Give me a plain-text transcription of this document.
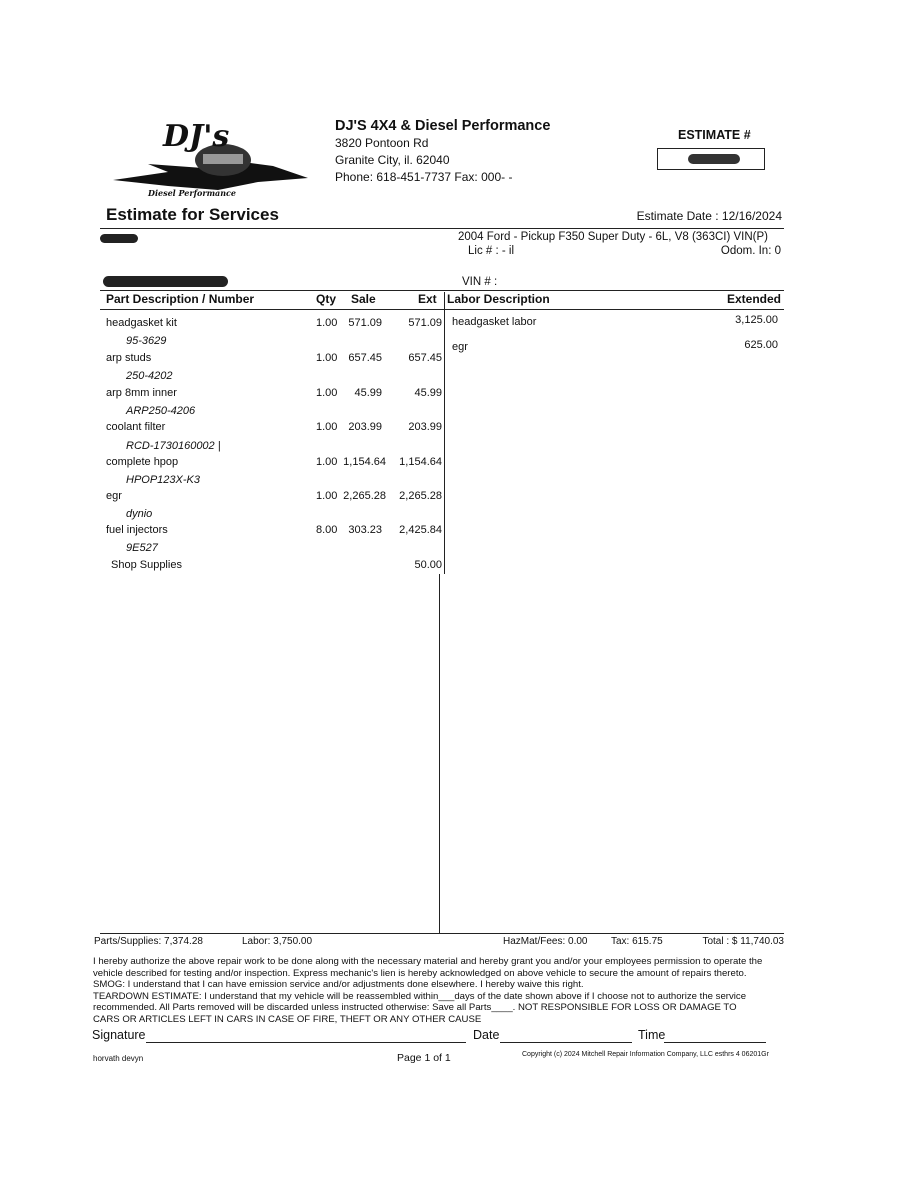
DJ's
Diesel Performance
DJ'S 4X4 & Diesel Performance
3820 Pontoon Rd
Granite City, il. 62040
Phone: 618-451-7737 Fax: 000- -
ESTIMATE #
Estimate for Services	Estimate Date : 12/16/2024
2004 Ford - Pickup F350 Super Duty - 6L, V8 (363CI) VIN(P)
Lic # : - il	Odom. In: 0
VIN # :
Part Description / Number	Qty Sale	Ext Labor Description	Extended
headgasket kit	1.00 571.09 571.09
95-3629
arp studs	1.00 657.45 657.45
250-4202
arp 8mm inner	1.00 45.99	45.99
ARP250-4206
coolant filter	1.00 203.99 203.99
RCD-1730160002 |
complete hpop	1.00 1,154.64 1,154.64
HPOP123X-K3
egr	1.00 2,265.28 2,265.28
dynio
fuel injectors	8.00 303.23 2,425.84
9E527
Shop Supplies	50.00
headgasket labor	3,125.00
egr	625.00
Parts/Supplies: 7,374.28	Labor: 3,750.00	HazMat/Fees: 0.00 Tax: 615.75	Total : $ 11,740.03
I hereby authorize the above repair work to be done along with the necessary material and hereby grant you and/or your employees permission to operate the
vehicle described for testing and/or inspection. Express mechanic's lien is hereby acknowledged on above vehicle to secure the amount of repairs thereto.
SMOG: I understand that I can have emission service and/or adjustments done elsewhere. I hereby waive this right.
TEARDOWN ESTIMATE: I understand that my vehicle will be reassembled within___days of the date shown above if I choose not to authorize the service
recommended. All Parts removed will be discarded unless instructed otherwise: Save all Parts____. NOT RESPONSIBLE FOR LOSS OR DAMAGE TO
CARS OR ARTICLES LEFT IN CARS IN CASE OF FIRE, THEFT OR ANY OTHER CAUSE
Signature	Date	Time
horvath devyn	Page 1 of 1	Copyright (c) 2024 Mitchell Repair Information Company, LLC esthrs 4 06201Gr
